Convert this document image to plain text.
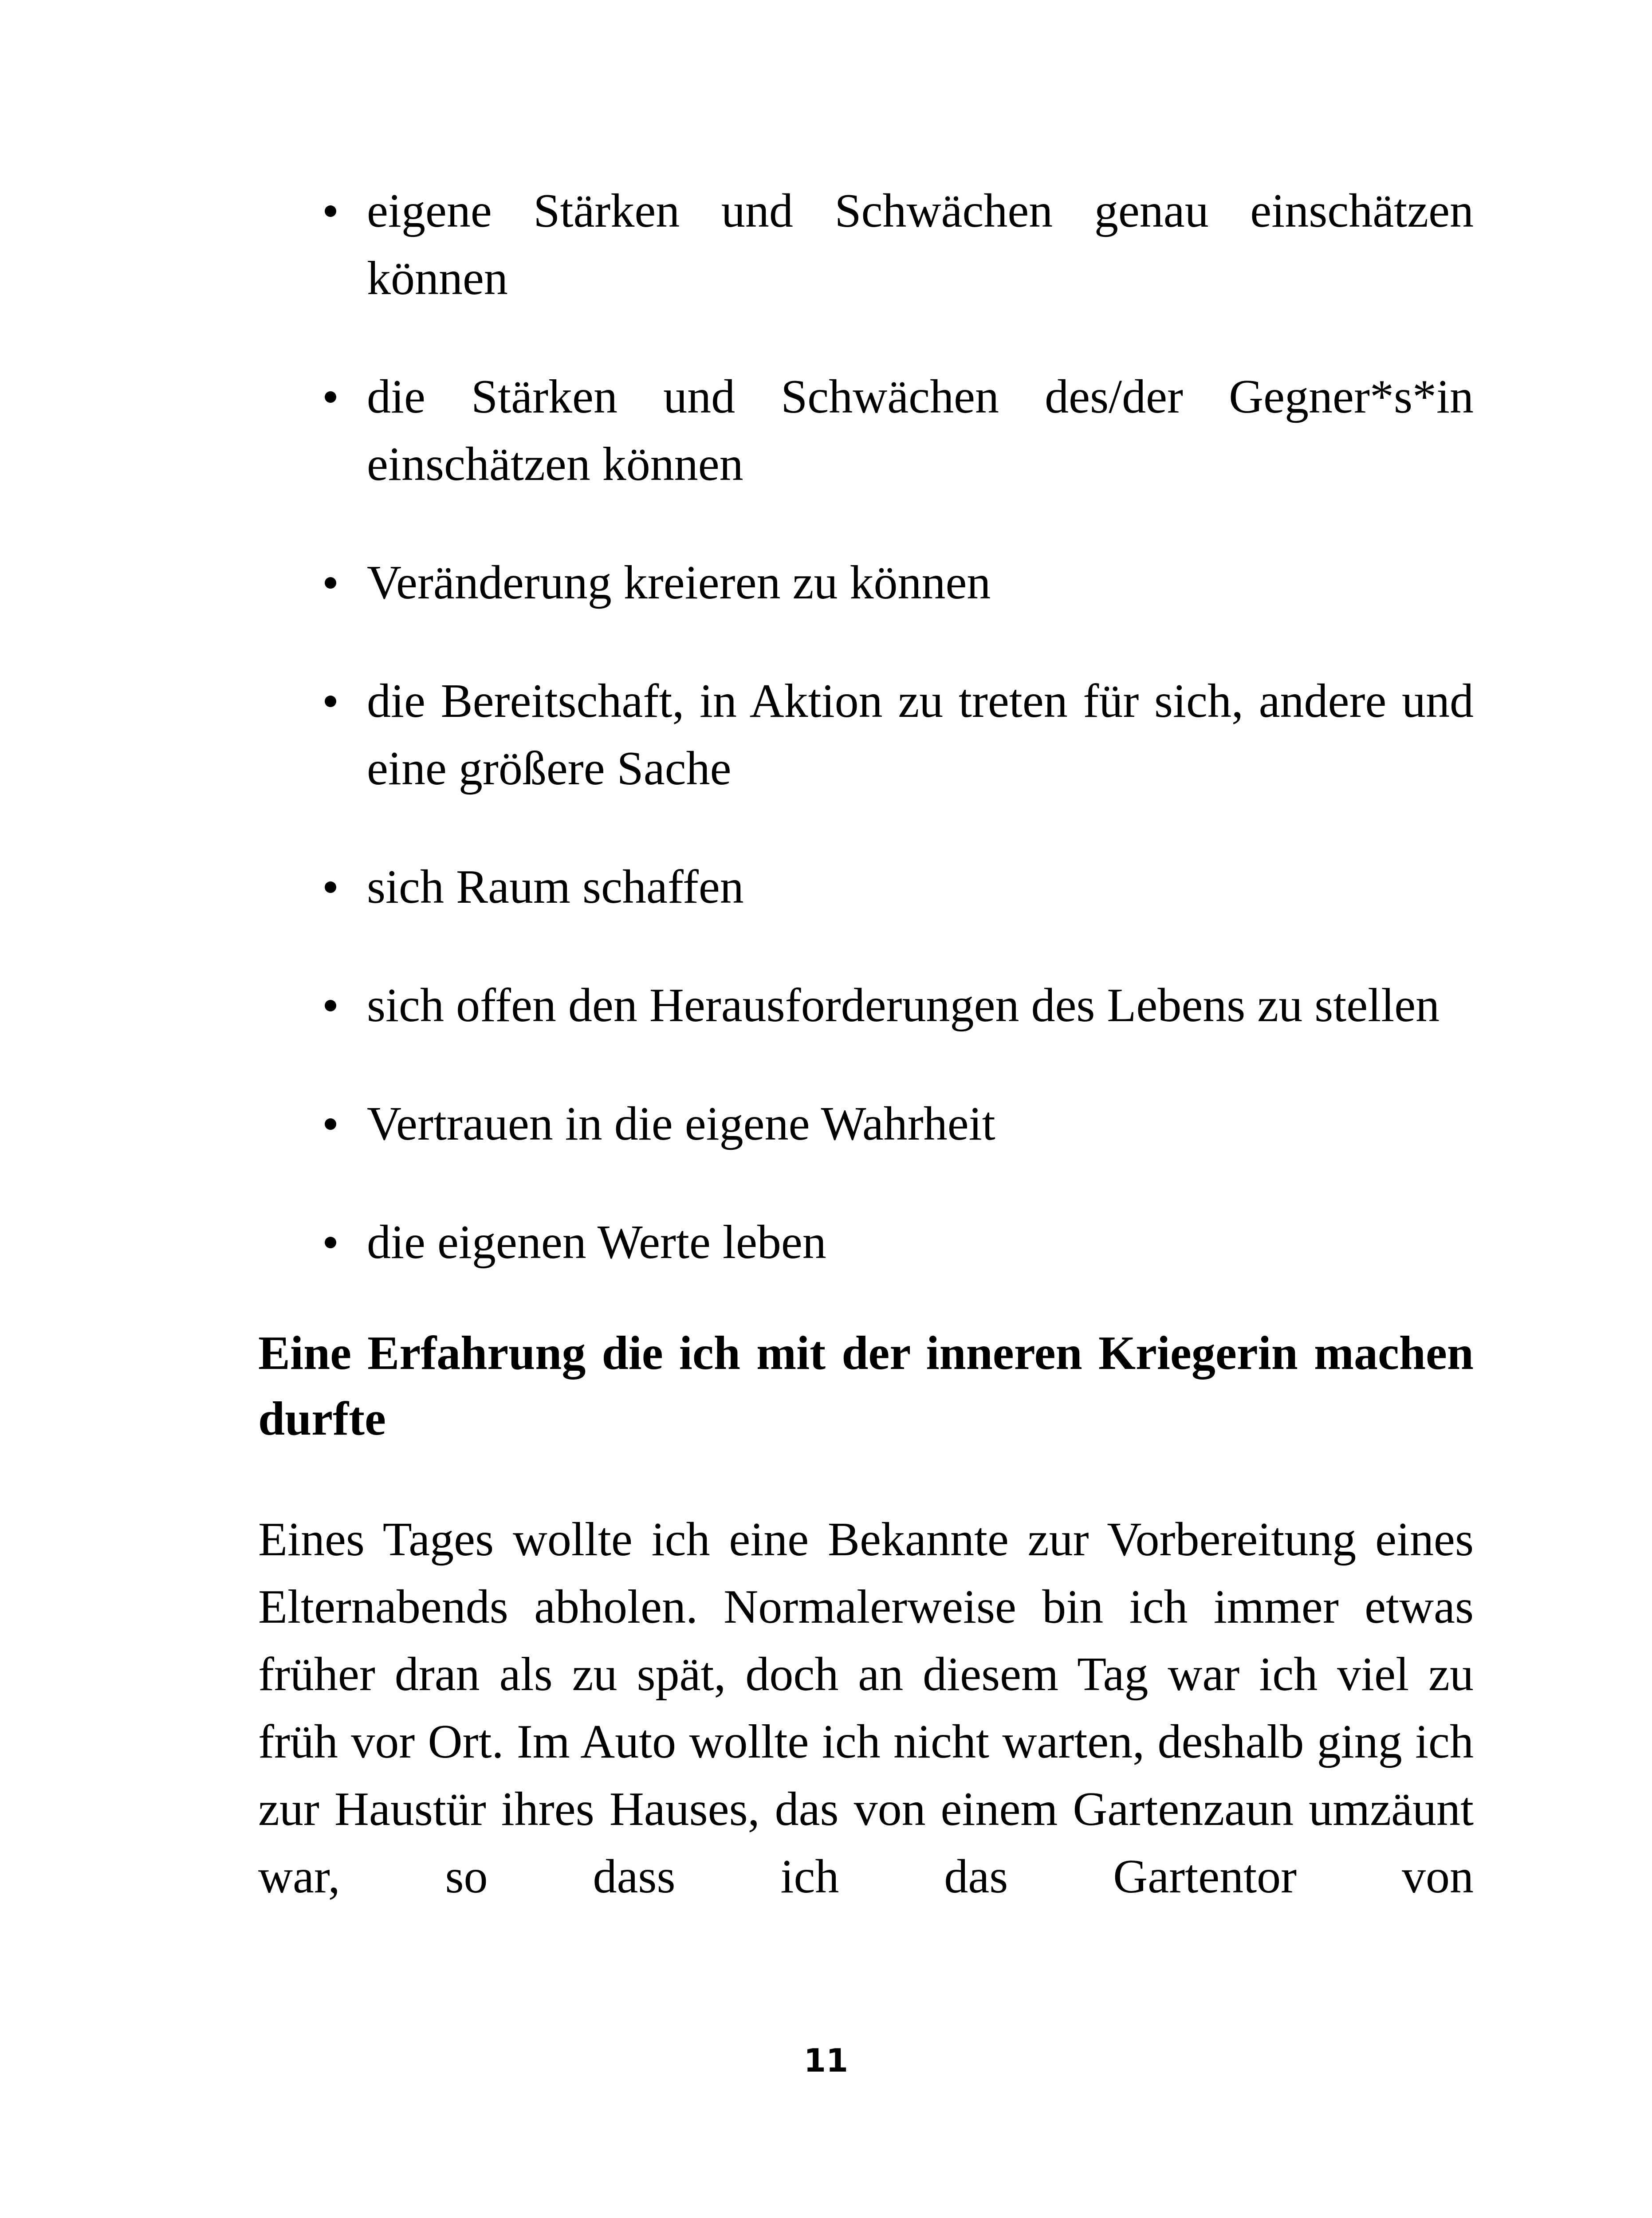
eigene Stärken und Schwächen genau einschätzen können
die Stärken und Schwächen des/der Gegner*s*in einschätzen können
Veränderung kreieren zu können
die Bereitschaft, in Aktion zu treten für sich, andere und eine größere Sache
sich Raum schaffen
sich offen den Herausforderungen des Lebens zu stellen
Vertrauen in die eigene Wahrheit
die eigenen Werte leben
Eine Erfahrung die ich mit der inneren Kriegerin machen durfte

Eines Tages wollte ich eine Bekannte zur Vorbereitung eines Elternabends abholen. Normalerweise bin ich immer etwas früher dran als zu spät, doch an diesem Tag war ich viel zu früh vor Ort. Im Auto wollte ich nicht warten, deshalb ging ich zur Haustür ihres Hauses, das von einem Gartenzaun umzäunt war, so dass ich das Gartentor von

11
